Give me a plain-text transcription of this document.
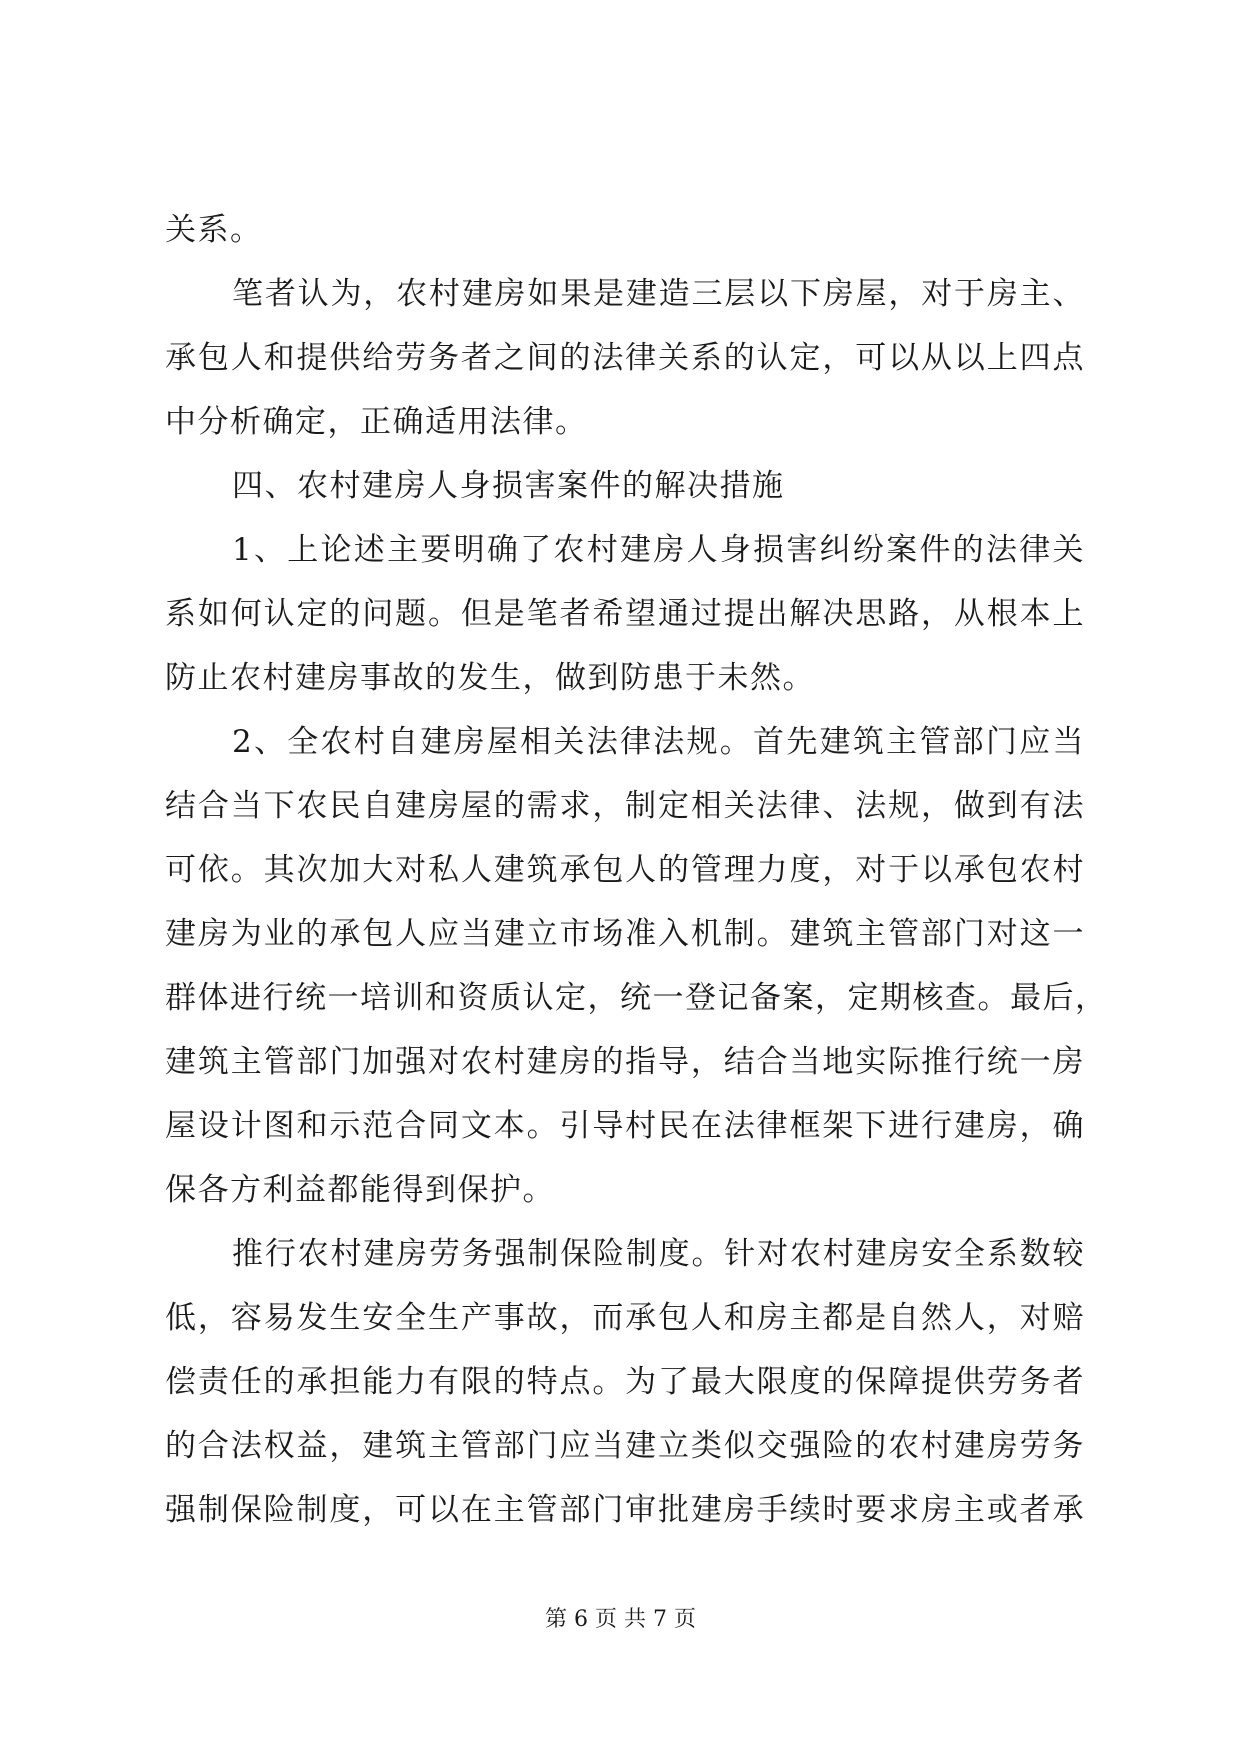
关系。
笔者认为，农村建房如果是建造三层以下房屋，对于房主、
承包人和提供给劳务者之间的法律关系的认定，可以从以上四点
中分析确定，正确适用法律。
四、农村建房人身损害案件的解决措施
1、上论述主要明确了农村建房人身损害纠纷案件的法律关
系如何认定的问题。但是笔者希望通过提出解决思路，从根本上
防止农村建房事故的发生，做到防患于未然。
2、全农村自建房屋相关法律法规。首先建筑主管部门应当
结合当下农民自建房屋的需求，制定相关法律、法规，做到有法
可依。其次加大对私人建筑承包人的管理力度，对于以承包农村
建房为业的承包人应当建立市场准入机制。建筑主管部门对这一
群体进行统一培训和资质认定，统一登记备案，定期核查。最后，
建筑主管部门加强对农村建房的指导，结合当地实际推行统一房
屋设计图和示范合同文本。引导村民在法律框架下进行建房，确
保各方利益都能得到保护。
推行农村建房劳务强制保险制度。针对农村建房安全系数较
低，容易发生安全生产事故，而承包人和房主都是自然人，对赔
偿责任的承担能力有限的特点。为了最大限度的保障提供劳务者
的合法权益，建筑主管部门应当建立类似交强险的农村建房劳务
强制保险制度，可以在主管部门审批建房手续时要求房主或者承
第 6 页 共 7 页
